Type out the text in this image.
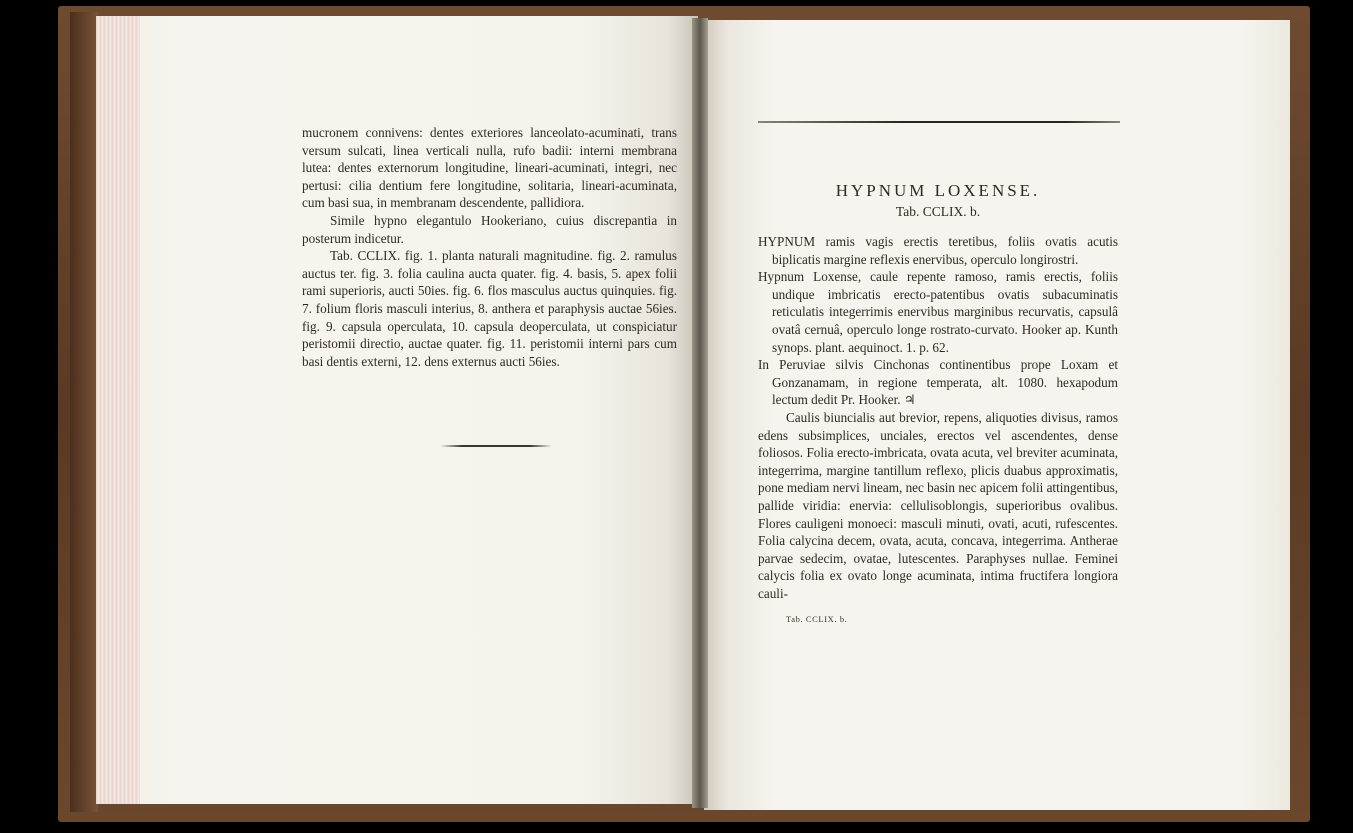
mucronem connivens: dentes exteriores lanceolato-acuminati, trans versum sulcati, linea verticali nulla, rufo badii: interni membrana lutea: dentes externorum longitudine, lineari-acuminati, integri, nec pertusi: cilia dentium fere longitudine, solitaria, lineari-acuminata, cum basi sua, in membranam descendente, pallidiora.

Simile hypno elegantulo Hookeriano, cuius discrepantia in posterum indicetur.

Tab. CCLIX. fig. 1. planta naturali magnitudine. fig. 2. ramulus auctus ter. fig. 3. folia caulina aucta quater. fig. 4. basis, 5. apex folii rami superioris, aucti 50ies. fig. 6. flos masculus auctus quinquies. fig. 7. folium floris masculi interius, 8. anthera et paraphysis auctae 56ies. fig. 9. capsula operculata, 10. capsula deoperculata, ut conspiciatur peristomii directio, auctae quater. fig. 11. peristomii interni pars cum basi dentis externi, 12. dens externus aucti 56ies.

HYPNUM LOXENSE.
Tab. CCLIX. b.

HYPNUM ramis vagis erectis teretibus, foliis ovatis acutis biplicatis margine reflexis enervibus, operculo longirostri.

Hypnum Loxense, caule repente ramoso, ramis erectis, foliis undique imbricatis erecto-patentibus ovatis subacuminatis reticulatis integerrimis enervibus marginibus recurvatis, capsulâ ovatâ cernuâ, operculo longe rostrato-curvato. Hooker ap. Kunth synops. plant. aequinoct. 1. p. 62.

In Peruviae silvis Cinchonas continentibus prope Loxam et Gonzanamam, in regione temperata, alt. 1080. hexapodum lectum dedit Pr. Hooker. ♃

Caulis biuncialis aut brevior, repens, aliquoties divisus, ramos edens subsimplices, unciales, erectos vel ascendentes, dense foliosos. Folia erecto-imbricata, ovata acuta, vel breviter acuminata, integerrima, margine tantillum reflexo, plicis duabus approximatis, pone mediam nervi lineam, nec basin nec apicem folii attingentibus, pallide viridia: enervia: cellulisoblongis, superioribus ovalibus. Flores cauligeni monoeci: masculi minuti, ovati, acuti, rufescentes. Folia calycina decem, ovata, acuta, concava, integerrima. Antherae parvae sedecim, ovatae, lutescentes. Paraphyses nullae. Feminei calycis folia ex ovato longe acuminata, intima fructifera longiora cauli-

Tab. CCLIX. b.
